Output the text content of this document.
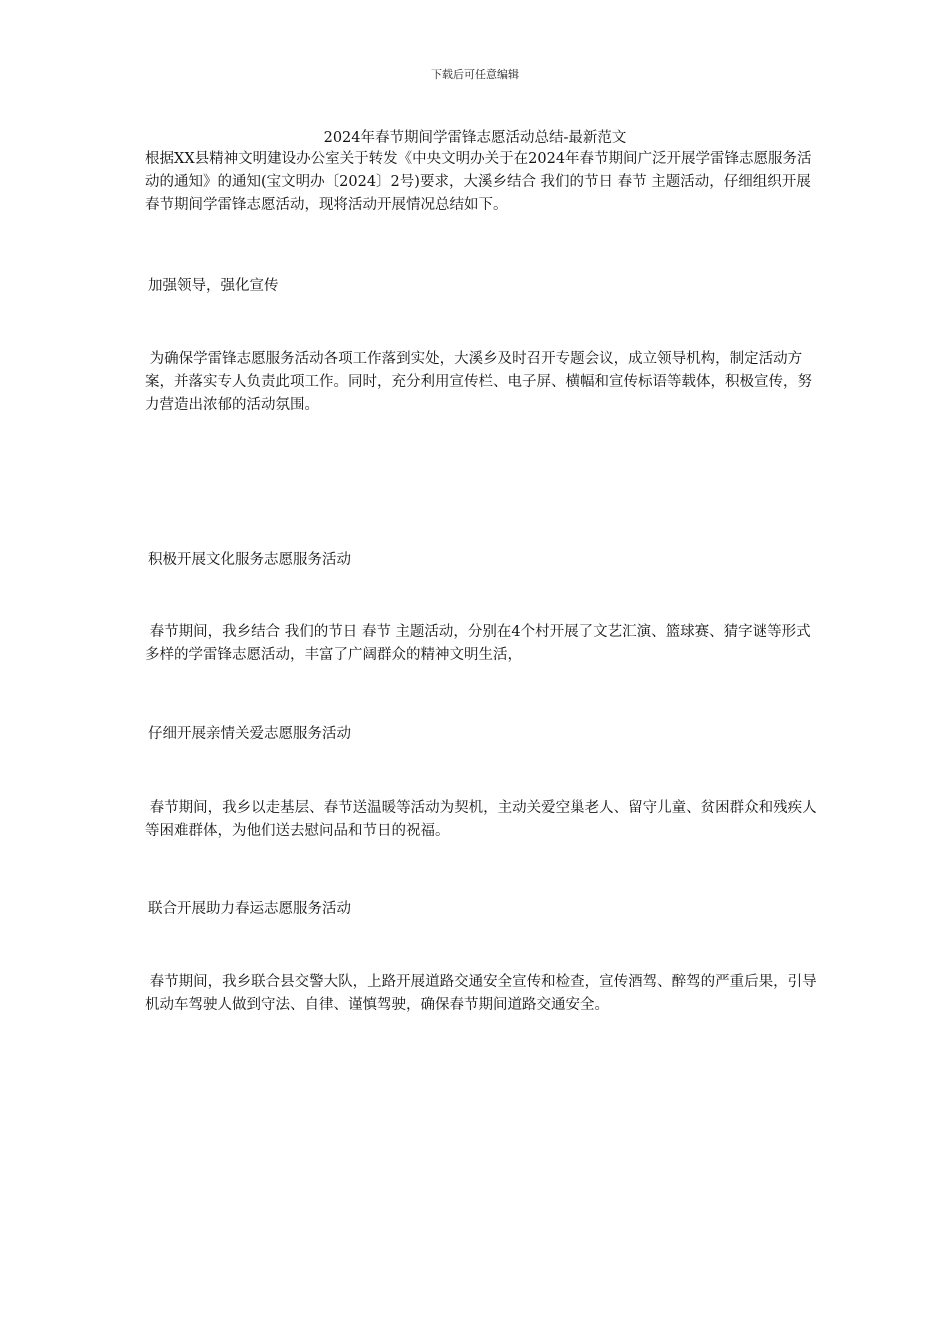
下载后可任意编辑
2024年春节期间学雷锋志愿活动总结-最新范文
根据XX县精神文明建设办公室关于转发《中央文明办关于在2024年春节期间广泛开展学雷锋志愿服务活动的通知》的通知(宝文明办〔2024〕2号)要求，大溪乡结合 我们的节日 春节 主题活动，仔细组织开展春节期间学雷锋志愿活动，现将活动开展情况总结如下。
加强领导，强化宣传
为确保学雷锋志愿服务活动各项工作落到实处，大溪乡及时召开专题会议，成立领导机构，制定活动方案，并落实专人负责此项工作。同时，充分利用宣传栏、电子屏、横幅和宣传标语等载体，积极宣传，努力营造出浓郁的活动氛围。
积极开展文化服务志愿服务活动
春节期间，我乡结合 我们的节日 春节 主题活动，分别在4个村开展了文艺汇演、篮球赛、猜字谜等形式多样的学雷锋志愿活动，丰富了广阔群众的精神文明生活，
仔细开展亲情关爱志愿服务活动
春节期间，我乡以走基层、春节送温暖等活动为契机，主动关爱空巢老人、留守儿童、贫困群众和残疾人等困难群体，为他们送去慰问品和节日的祝福。
联合开展助力春运志愿服务活动
春节期间，我乡联合县交警大队，上路开展道路交通安全宣传和检查，宣传酒驾、醉驾的严重后果，引导机动车驾驶人做到守法、自律、谨慎驾驶，确保春节期间道路交通安全。
